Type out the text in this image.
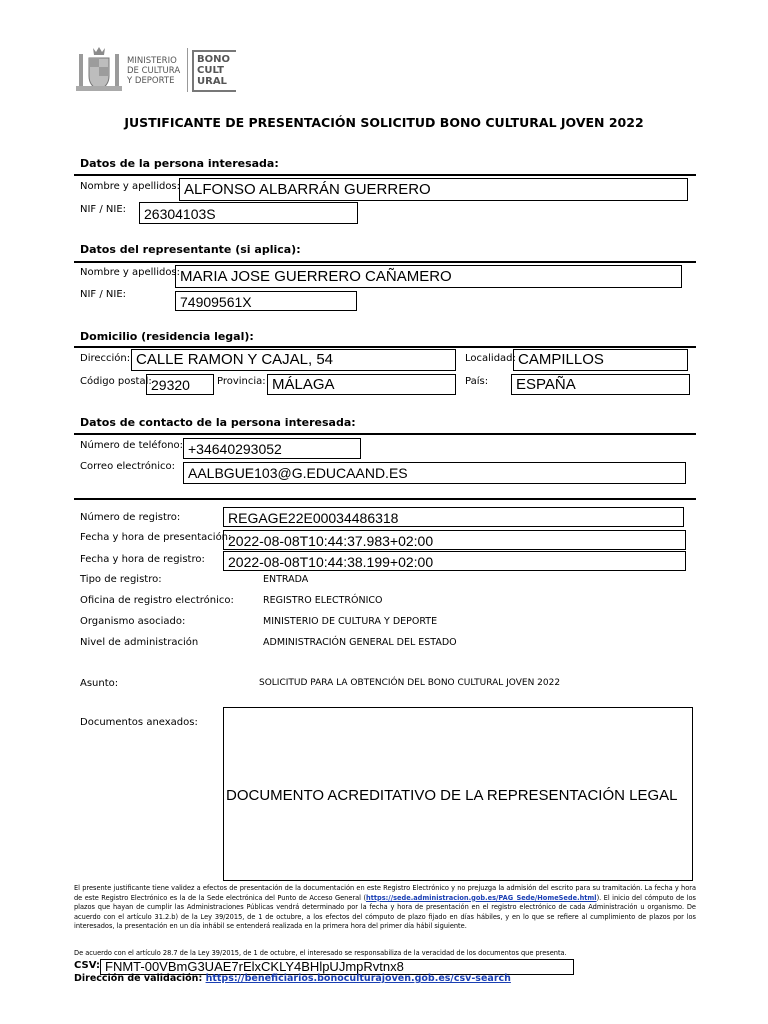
MINISTERIO
DE CULTURA
Y DEPORTE
BONO
CULT
URAL
JUSTIFICANTE DE PRESENTACIÓN SOLICITUD BONO CULTURAL JOVEN 2022
Datos de la persona interesada:
Nombre y apellidos: ALFONSO ALBARRÁN GUERRERO
NIF / NIE:	26304103S
Datos del representante (si aplica):
Nombre y apellidos: MARIA JOSE GUERRERO CAÑAMERO
NIF / NIE:	74909561X
Domicilio (residencia legal):
Dirección: CALLE RAMON Y CAJAL, 54	Localidad: CAMPILLOS
Código postal: 29320	Provincia: MÁLAGA	País:	ESPAÑA
Datos de contacto de la persona interesada:
Número de teléfono: +34640293052
Correo electrónico: AALBGUE103@G.EDUCAAND.ES
Número de registro:	REGAGE22E00034486318
Fecha y hora de presentación:
2022-08-08T10:44:37.983+02:00
Fecha y hora de registro:	2022-08-08T10:44:38.199+02:00
Tipo de registro:	ENTRADA
Oficina de registro electrónico:	REGISTRO ELECTRÓNICO
Organismo asociado:	MINISTERIO DE CULTURA Y DEPORTE
Nivel de administración	ADMINISTRACIÓN GENERAL DEL ESTADO
Asunto:	SOLICITUD PARA LA OBTENCIÓN DEL BONO CULTURAL JOVEN 2022
Documentos anexados:
DOCUMENTO ACREDITATIVO DE LA REPRESENTACIÓN LEGAL
El presente justificante tiene validez a efectos de presentación de la documentación en este Registro Electrónico y no prejuzga la admisión del escrito para su tramitación. La fecha y hora de este Registro Electrónico es la de la Sede electrónica del Punto de Acceso General (https://sede.administracion.gob.es/PAG_Sede/HomeSede.html). El inicio del cómputo de los plazos que hayan de cumplir las Administraciones Públicas vendrá determinado por la fecha y hora de presentación en el registro electrónico de cada Administración u organismo. De acuerdo con el artículo 31.2.b) de la Ley 39/2015, de 1 de octubre, a los efectos del cómputo de plazo fijado en días hábiles, y en lo que se refiere al cumplimiento de plazos por los interesados, la presentación en un día inhábil se entenderá realizada en la primera hora del primer día hábil siguiente.
De acuerdo con el artículo 28.7 de la Ley 39/2015, de 1 de octubre, el interesado se responsabiliza de la veracidad de los documentos que presenta.
CSV: FNMT-00VBmG3UAE7rElxCKLY4BHlpUJmpRvtnx8
Dirección de validación: https://beneficiarios.bonoculturajoven.gob.es/csv-search
